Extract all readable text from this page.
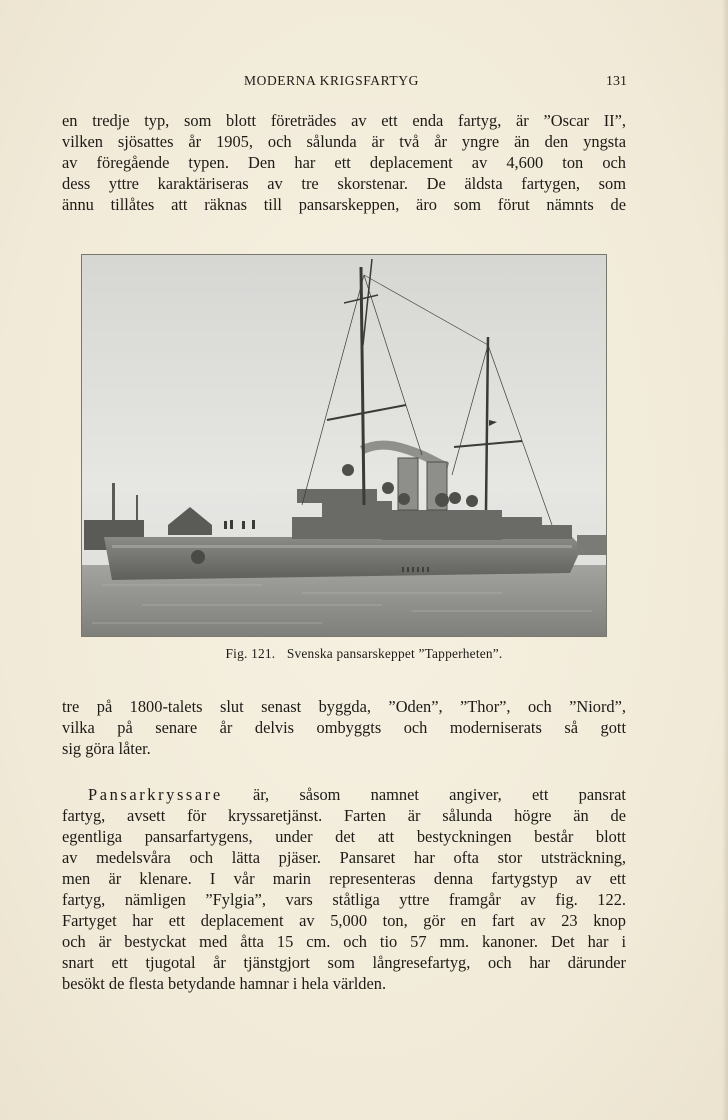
MODERNA KRIGSFARTYG	131
en tredje typ, som blott företrädes av ett enda fartyg, är ”Oscar II”,
vilken sjösattes år 1905, och sålunda är två år yngre än den yngsta
av föregående typen. Den har ett deplacement av 4,600 ton och
dess yttre karaktäriseras av tre skorstenar. De äldsta fartygen, som
ännu tillåtes att räknas till pansarskeppen, äro som förut nämnts de
Fig. 121. Svenska pansarskeppet ”Tapperheten”.
tre på 1800-talets slut senast byggda, ”Oden”, ”Thor”, och ”Niord”,
vilka på senare år delvis ombyggts och moderniserats så gott
sig göra låter.
Pansarkryssare är, såsom namnet angiver, ett pansrat
fartyg, avsett för kryssaretjänst. Farten är sålunda högre än de
egentliga pansarfartygens, under det att bestyckningen består blott
av medelsvåra och lätta pjäser. Pansaret har ofta stor utsträckning,
men är klenare. I vår marin representeras denna fartygstyp av ett
fartyg, nämligen ”Fylgia”, vars ståtliga yttre framgår av fig. 122.
Fartyget har ett deplacement av 5,000 ton, gör en fart av 23 knop
och är bestyckat med åtta 15 cm. och tio 57 mm. kanoner. Det har i
snart ett tjugotal år tjänstgjort som långresefartyg, och har därunder
besökt de flesta betydande hamnar i hela världen.
